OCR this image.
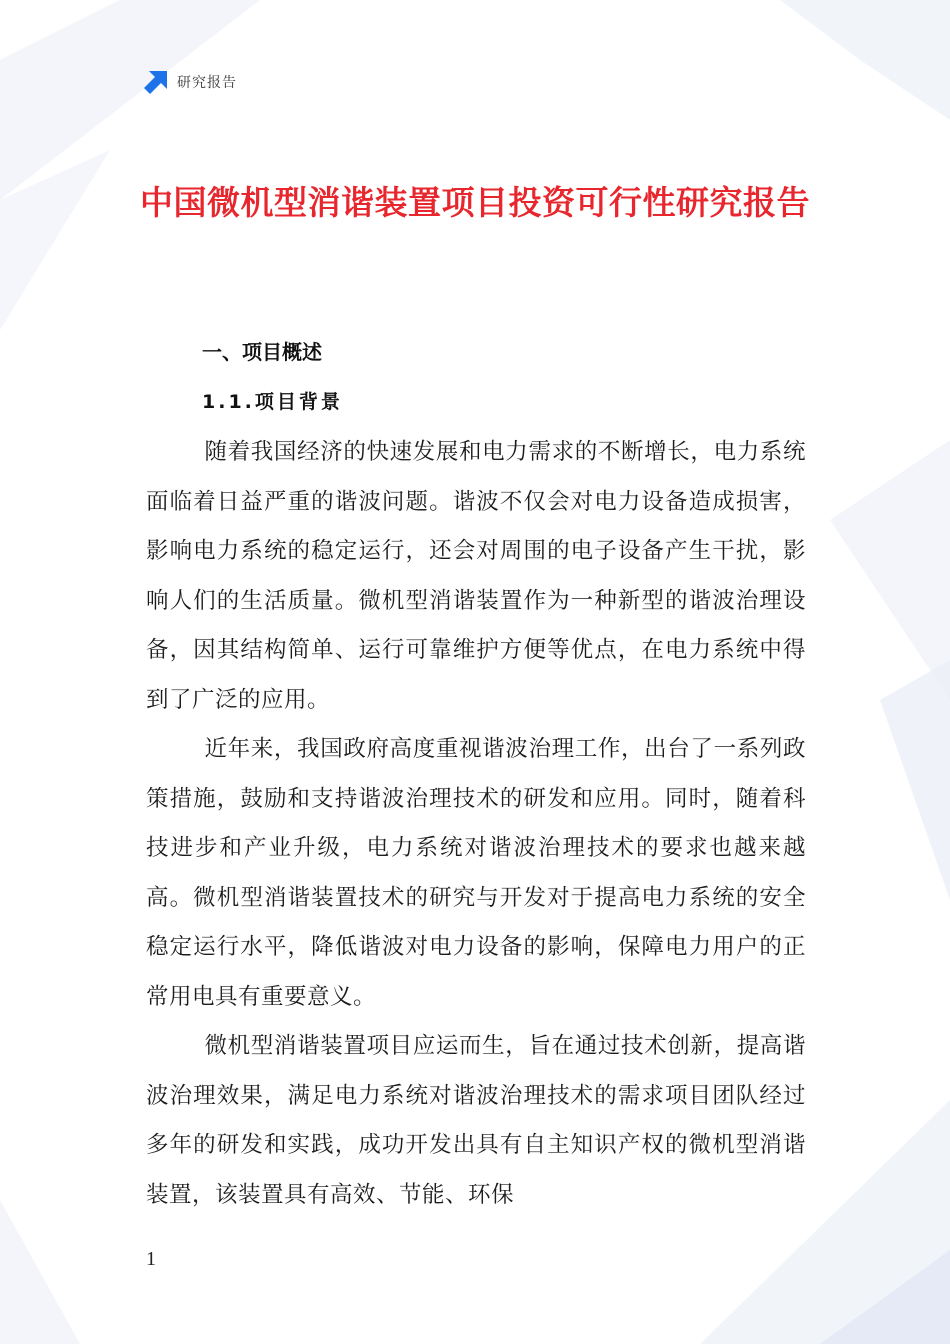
研究报告
中国微机型消谐装置项目投资可行性研究报告
一、项目概述
1.1.项目背景

随着我国经济的快速发展和电力需求的不断增长，电力系统面临着日益严重的谐波问题。谐波不仅会对电力设备造成损害，影响电力系统的稳定运行，还会对周围的电子设备产生干扰，影响人们的生活质量。微机型消谐装置作为一种新型的谐波治理设备，因其结构简单、运行可靠维护方便等优点，在电力系统中得到了广泛的应用。

近年来，我国政府高度重视谐波治理工作，出台了一系列政策措施，鼓励和支持谐波治理技术的研发和应用。同时，随着科技进步和产业升级，电力系统对谐波治理技术的要求也越来越高。微机型消谐装置技术的研究与开发对于提高电力系统的安全稳定运行水平，降低谐波对电力设备的影响，保障电力用户的正常用电具有重要意义。

微机型消谐装置项目应运而生，旨在通过技术创新，提高谐波治理效果，满足电力系统对谐波治理技术的需求项目团队经过多年的研发和实践，成功开发出具有自主知识产权的微机型消谐装置，该装置具有高效、节能、环保

1
